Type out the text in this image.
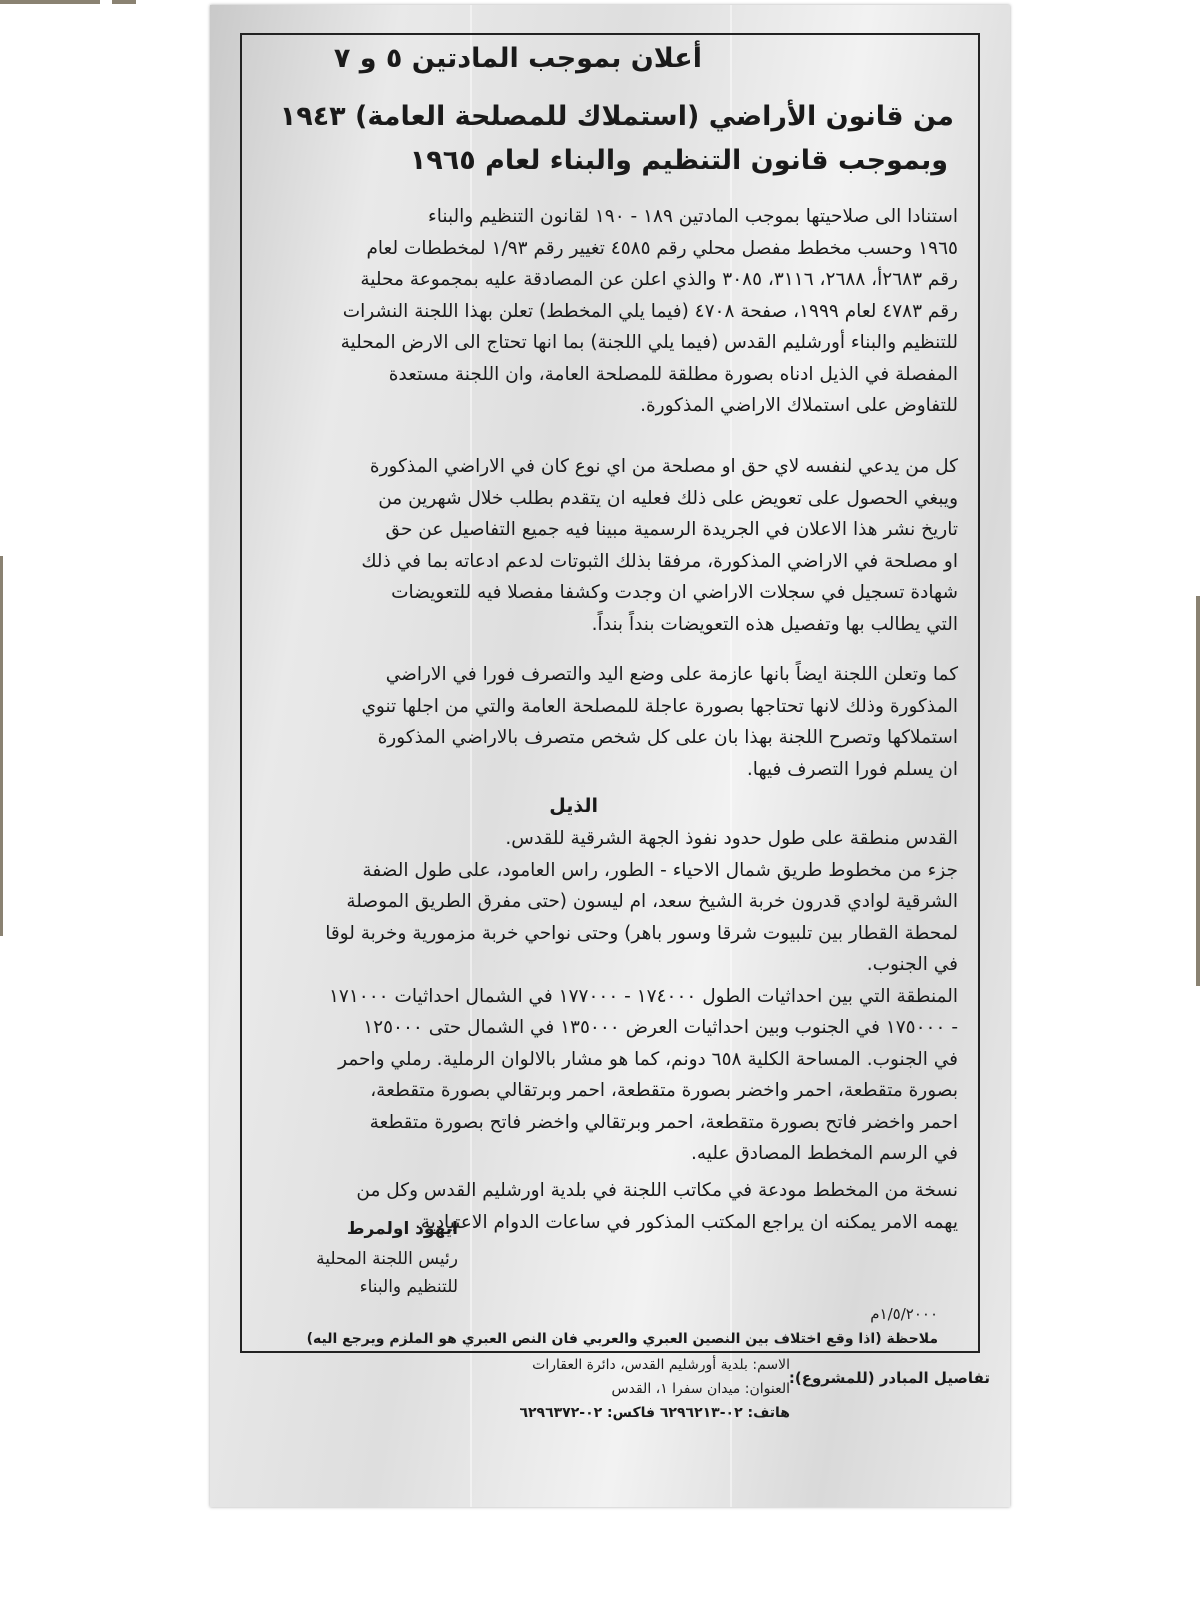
أعلان بموجب المادتين ٥ و ٧
من قانون الأراضي (استملاك للمصلحة العامة) ١٩٤٣
وبموجب قانون التنظيم والبناء لعام ١٩٦٥
استنادا الى صلاحيتها بموجب المادتين ١٨٩ - ١٩٠ لقانون التنظيم والبناء
١٩٦٥ وحسب مخطط مفصل محلي رقم ٤٥٨٥ تغيير رقم ١/٩٣ لمخططات لعام
رقم ٢٦٨٣أ، ٢٦٨٨، ٣١١٦، ٣٠٨٥ والذي اعلن عن المصادقة عليه بمجموعة محلية
رقم ٤٧٨٣ لعام ١٩٩٩، صفحة ٤٧٠٨ (فيما يلي المخطط) تعلن بهذا اللجنة النشرات
للتنظيم والبناء أورشليم القدس (فيما يلي اللجنة) بما انها تحتاج الى الارض المحلية
المفصلة في الذيل ادناه بصورة مطلقة للمصلحة العامة، وان اللجنة مستعدة
للتفاوض على استملاك الاراضي المذكورة.
كل من يدعي لنفسه لاي حق او مصلحة من اي نوع كان في الاراضي المذكورة
ويبغي الحصول على تعويض على ذلك فعليه ان يتقدم بطلب خلال شهرين من
تاريخ نشر هذا الاعلان في الجريدة الرسمية مبينا فيه جميع التفاصيل عن حق
او مصلحة في الاراضي المذكورة، مرفقا بذلك الثبوتات لدعم ادعاته بما في ذلك
شهادة تسجيل في سجلات الاراضي ان وجدت وكشفا مفصلا فيه للتعويضات
التي يطالب بها وتفصيل هذه التعويضات بنداً بنداً.
كما وتعلن اللجنة ايضاً بانها عازمة على وضع اليد والتصرف فورا في الاراضي
المذكورة وذلك لانها تحتاجها بصورة عاجلة للمصلحة العامة والتي من اجلها تنوي
استملاكها وتصرح اللجنة بهذا بان على كل شخص متصرف بالاراضي المذكورة
ان يسلم فورا التصرف فيها.
الذيل
القدس منطقة على طول حدود نفوذ الجهة الشرقية للقدس.
جزء من مخطوط طريق شمال الاحياء - الطور، راس العامود، على طول الضفة
الشرقية لوادي قدرون خربة الشيخ سعد، ام ليسون (حتى مفرق الطريق الموصلة
لمحطة القطار بين تلبيوت شرقا وسور باهر) وحتى نواحي خربة مزمورية وخربة لوقا
في الجنوب.
المنطقة التي بين احداثيات الطول ١٧٤٠٠٠ - ١٧٧٠٠٠ في الشمال احداثيات ١٧١٠٠٠
- ١٧٥٠٠٠ في الجنوب وبين احداثيات العرض ١٣٥٠٠٠ في الشمال حتى ١٢٥٠٠٠
في الجنوب. المساحة الكلية ٦٥٨ دونم، كما هو مشار بالالوان الرملية. رملي واحمر
بصورة متقطعة، احمر واخضر بصورة متقطعة، احمر وبرتقالي بصورة متقطعة،
احمر واخضر فاتح بصورة متقطعة، احمر وبرتقالي واخضر فاتح بصورة متقطعة
في الرسم المخطط المصادق عليه.
نسخة من المخطط مودعة في مكاتب اللجنة في بلدية اورشليم القدس وكل من
يهمه الامر يمكنه ان يراجع المكتب المذكور في ساعات الدوام الاعتيادية.
ايهود اولمرط
رئيس اللجنة المحلية
للتنظيم والبناء
١/٥/٢٠٠٠م
ملاحظة (اذا وقع اختلاف بين النصين العبري والعربي فان النص العبري هو الملزم ويرجع اليه)
تفاصيل المبادر (للمشروع):
الاسم: بلدية أورشليم القدس، دائرة العقارات
العنوان: ميدان سفرا ١، القدس
هاتف: ٠٢-٦٢٩٦٢١٣ فاكس: ٠٢-٦٢٩٦٣٧٢
